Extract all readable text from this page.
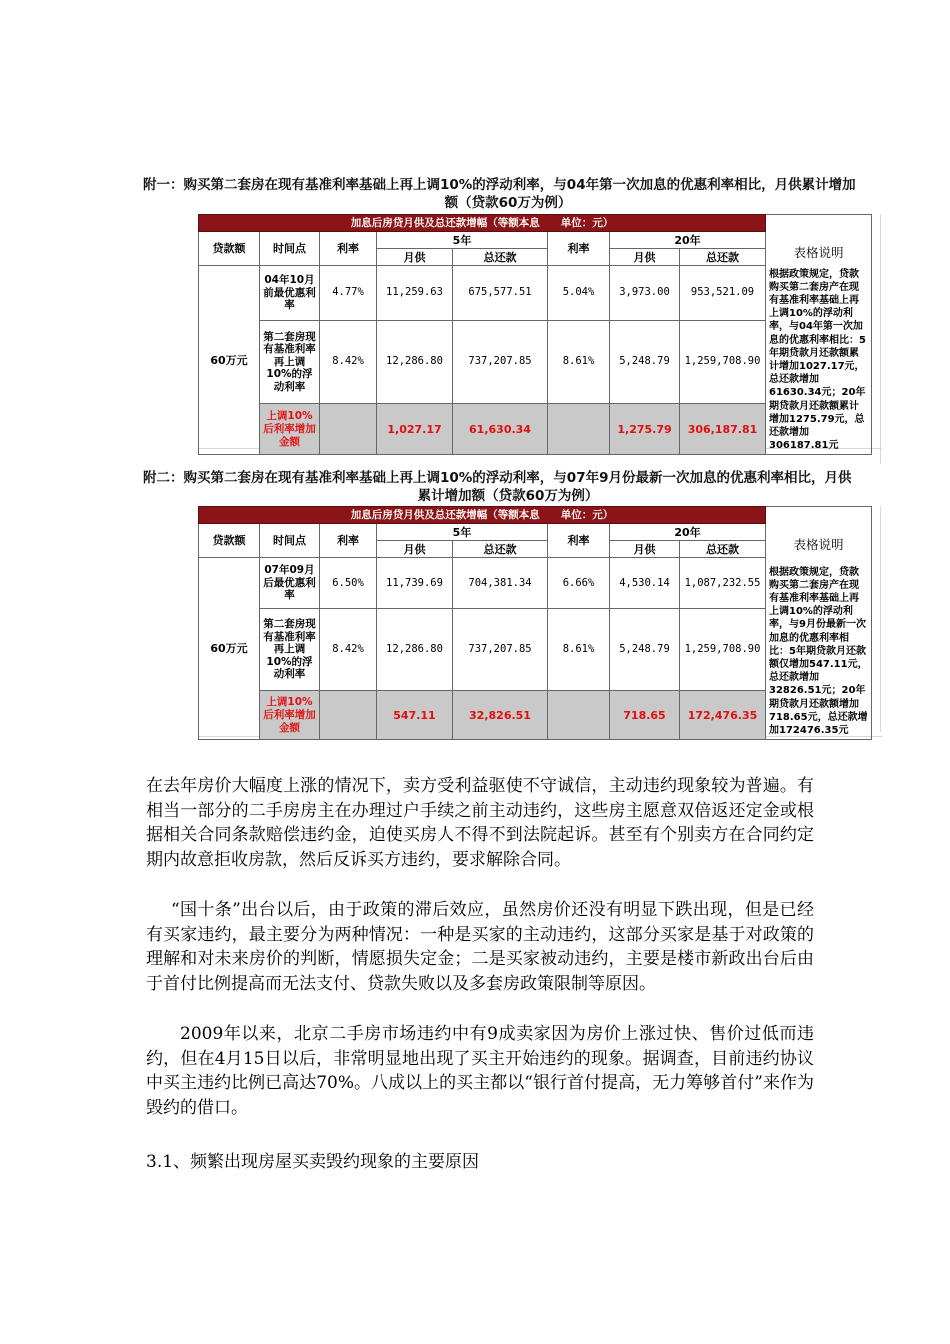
附一：购买第二套房在现有基准利率基础上再上调10%的浮动利率，与04年第一次加息的优惠利率相比，月供累计增加
额（贷款60万为例）
加息后房贷月供及总还款增幅（等额本息　　单位：元）								表格说明

贷款额	时间点	利率	5年		利率	20年		
			月供	总还款		月供	总还款	
60万元	04年10月前最优惠利率	4.77%	11,259.63	675,577.51	5.04%	3,973.00	953,521.09	根据政策规定，贷款购买第二套房产在现有基准利率基础上再上调10%的浮动利率，与04年第一次加息的优惠利率相比：5年期贷款月还款额累计增加1027.17元，总还款增加61630.34元；20年期贷款月还款额累计增加1275.79元，总还款增加306187.81元
	第二套房现有基准利率再上调10%的浮动利率	8.42%	12,286.80	737,207.85	8.61%	5,248.79	1,259,708.90	
	上调10%后利率增加金额		1,027.17	61,630.34		1,275.79	306,187.81	
附二：购买第二套房在现有基准利率基础上再上调10%的浮动利率，与07年9月份最新一次加息的优惠利率相比，月供
累计增加额（贷款60万为例）
加息后房贷月供及总还款增幅（等额本息　　单位：元）								表格说明

贷款额	时间点	利率	5年		利率	20年		
			月供	总还款		月供	总还款	
60万元	07年09月后最优惠利率	6.50%	11,739.69	704,381.34	6.66%	4,530.14	1,087,232.55	根据政策规定，贷款购买第二套房产在现有基准利率基础上再上调10%的浮动利率，与9月份最新一次加息的优惠利率相比：5年期贷款月还款额仅增加547.11元，总还款增加32826.51元；20年期贷款月还款额增加718.65元，总还款增加172476.35元
	第二套房现有基准利率再上调10%的浮动利率	8.42%	12,286.80	737,207.85	8.61%	5,248.79	1,259,708.90	
	上调10%后利率增加金额		547.11	32,826.51		718.65	172,476.35	
在去年房价大幅度上涨的情况下，卖方受利益驱使不守诚信，主动违约现象较为普遍。有相当一部分的二手房房主在办理过户手续之前主动违约，这些房主愿意双倍返还定金或根据相关合同条款赔偿违约金，迫使买房人不得不到法院起诉。甚至有个别卖方在合同约定期内故意拒收房款，然后反诉买方违约，要求解除合同。
“国十条”出台以后，由于政策的滞后效应，虽然房价还没有明显下跌出现，但是已经有买家违约，最主要分为两种情况：一种是买家的主动违约，这部分买家是基于对政策的理解和对未来房价的判断，情愿损失定金；二是买家被动违约，主要是楼市新政出台后由于首付比例提高而无法支付、贷款失败以及多套房政策限制等原因。
2009年以来，北京二手房市场违约中有9成卖家因为房价上涨过快、售价过低而违约，但在4月15日以后，非常明显地出现了买主开始违约的现象。据调查，目前违约协议中买主违约比例已高达70%。八成以上的买主都以“银行首付提高，无力筹够首付”来作为毁约的借口。
3.1、频繁出现房屋买卖毁约现象的主要原因
